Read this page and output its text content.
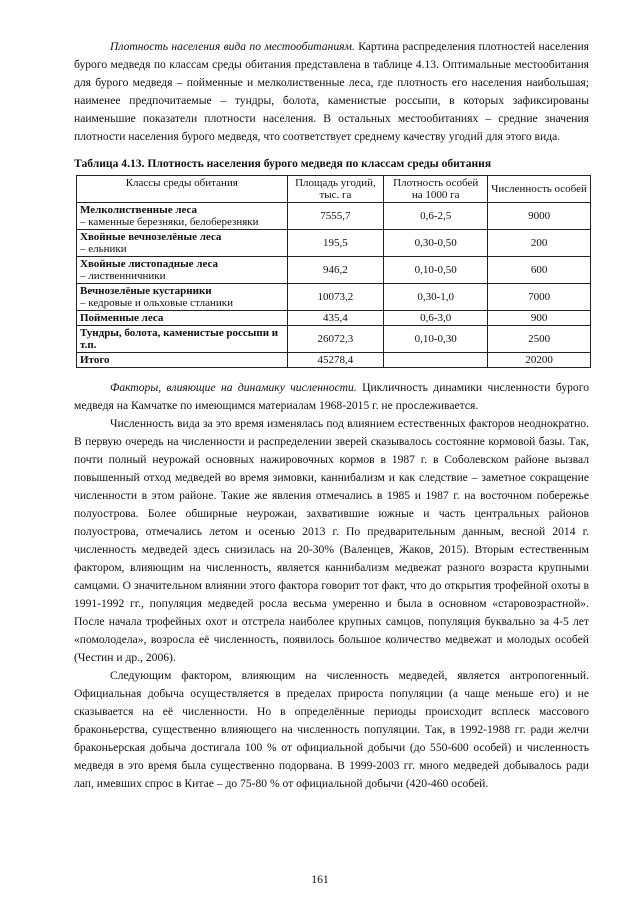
Плотность населения вида по местообитаниям. Картина распределения плотностей населения бурого медведя по классам среды обитания представлена в таблице 4.13. Оптимальные местообитания для бурого медведя – пойменные и мелколиственные леса, где плотность его населения наибольшая; наименее предпочитаемые – тундры, болота, каменистые россыпи, в которых зафиксированы наименьшие показатели плотности населения. В остальных местообитаниях – средние значения плотности населения бурого медведя, что соответствует среднему качеству угодий для этого вида.

Таблица 4.13. Плотность населения бурого медведя по классам среды обитания
Классы среды обитания	Площадь угодий, тыс. га	Плотность особей на 1000 га	Численность особей

Мелколиственные леса
– каменные березняки, белоберезняки	7555,7	0,6-2,5	9000

Хвойные вечнозелёные леса
– ельники	195,5	0,30-0,50	200

Хвойные листопадные леса
– лиственничники	946,2	0,10-0,50	600

Вечнозелёные кустарники
– кедровые и ольховые стланики	10073,2	0,30-1,0	7000

Пойменные леса	435,4	0,6-3,0	900

Тундры, болота, каменистые россыпи и т.п.	26072,3	0,10-0,30	2500

Итого	45278,4		20200

Факторы, влияющие на динамику численности. Цикличность динамики численности бурого медведя на Камчатке по имеющимся материалам 1968-2015 г. не прослеживается.

Численность вида за это время изменялась под влиянием естественных факторов неоднократно. В первую очередь на численности и распределении зверей сказывалось состояние кормовой базы. Так, почти полный неурожай основных нажировочных кормов в 1987 г. в Соболевском районе вызвал повышенный отход медведей во время зимовки, каннибализм и как следствие – заметное сокращение численности в этом районе. Такие же явления отмечались в 1985 и 1987 г. на восточном побережье полуострова. Более обширные неурожаи, захватившие южные и часть центральных районов полуострова, отмечались летом и осенью 2013 г. По предварительным данным, весной 2014 г. численность медведей здесь снизилась на 20-30% (Валенцев, Жаков, 2015). Вторым естественным фактором, влияющим на численность, является каннибализм медвежат разного возраста крупными самцами. О значительном влиянии этого фактора говорит тот факт, что до открытия трофейной охоты в 1991-1992 гг., популяция медведей росла весьма умеренно и была в основном «старовозрастной». После начала трофейных охот и отстрела наиболее крупных самцов, популяция буквально за 4-5 лет «помолодела», возросла её численность, появилось большое количество медвежат и молодых особей (Честин и др., 2006).

Следующим фактором, влияющим на численность медведей, является антропогенный. Официальная добыча осуществляется в пределах прироста популяции (а чаще меньше его) и не сказывается на её численности. Но в определённые периоды происходит всплеск массового браконьерства, существенно влияющего на численность популяции. Так, в 1992-1988 гг. ради желчи браконьерская добыча достигала 100 % от официальной добычи (до 550-600 особей) и численность медведя в это время была существенно подорвана. В 1999-2003 гг. много медведей добывалось ради лап, имевших спрос в Китае – до 75-80 % от официальной добычи (420-460 особей.

161
